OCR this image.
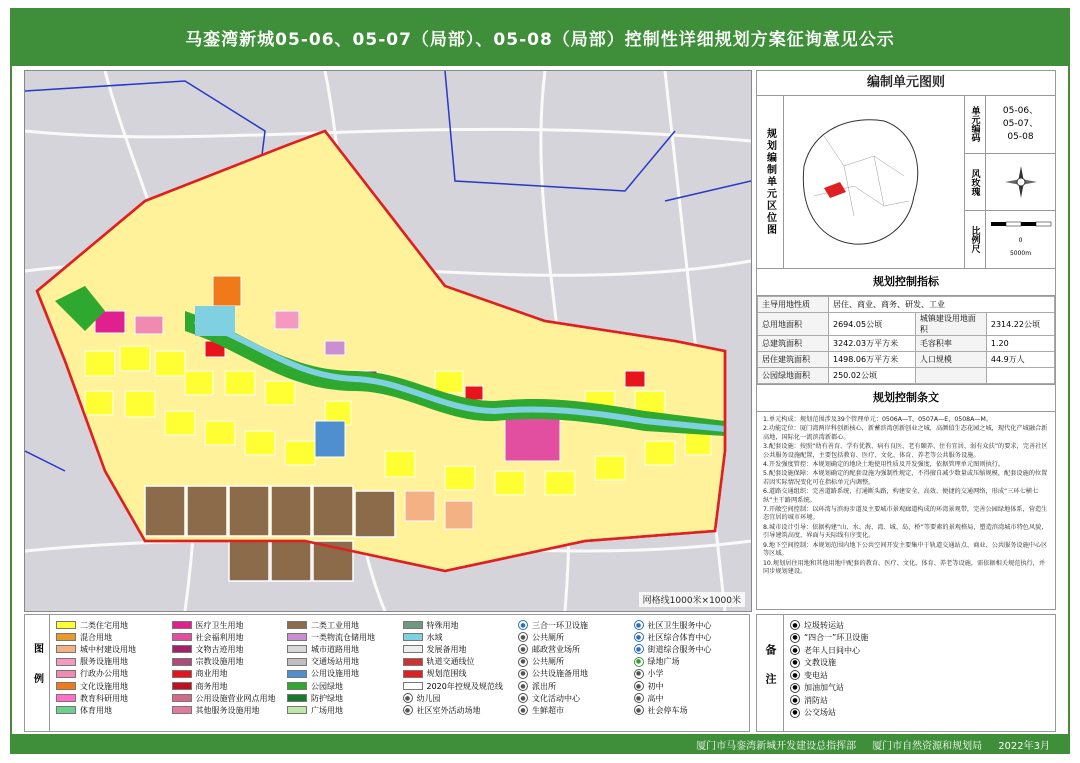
马銮湾新城05-06、05-07（局部）、05-08（局部）控制性详细规划方案征询意见公示
网格线1000米×1000米
编制单元图则
规划编制单元区位图
单元编码	05-06、
05-07、
05-08
风玫瑰
比例尺	0
5000m
规划控制指标
主导用地性质	居住、商业、商务、研发、工业		
总用地面积	2694.05公顷	城镇建设用地面积	2314.22公顷
总建筑面积	3242.03万平方米	毛容积率	1.20
居住建筑面积	1498.06万平方米	人口规模	44.9万人
公园绿地面积	250.02公顷		
规划控制条文

1.单元构成：规划范围涉及39个管理单元：0506A—T、0507A—E、0508A—M。

2.功能定位：厦门湾两岸科创新核心，新蓄滨湾创新创业之城，高颜值生态花园之城，现代化产城融合新高地，国际化一流滨湾新都心。

3.配套设施：按照“幼有善育、学有优教、病有良医、老有颐养、住有宜居、弱有众扶”的要求，完善社区公共服务设施配置，主要包括教育、医疗、文化、体育、养老等公共服务设施。

4.开发强度管控：本规划确定的地块土地使用性质及开发强度，依据管理单元图则执行。

5.配套设施保障：本规划确定的配套设施为强制性规定，不得擅自减少数量或压缩规模，配套设施的位置若因实际情况变化可在指标单元内调整。

6.道路交通组织：完善道路系统，打通断头路，构建安全、高效、便捷的交通网络，形成“三环七横七纵”主干路网系统。

7.开敞空间控制：以环湾与滨海步道及主要城市景观廊道构成的环湾景观带，完善公园绿地体系，营造生态宜居的城市环境。

8.城市设计引导：依据构建“山、水、海、湾、城、岛、桥”等要素的景观格局，塑造滨湾城市特色风貌，引导建筑高度、界面与天际线有序变化。

9.地下空间控制：本规划范围内地下公共空间开发主要集中于轨道交通站点、商业、公共服务设施中心区等区域。

10.规划居住用地和其他用地中配套的教育、医疗、文化、体育、养老等设施，需依据相关规范执行，并同步规划建设。

图例
二类住宅用地	医疗卫生用地	二类工业用地	特殊用地	● 三合一环卫设施	● 社区卫生服务中心
混合用地	社会福利用地	一类物流仓储用地	水域	● 公共厕所	● 社区综合体育中心
城中村建设用地	文物古迹用地	城市道路用地	发展备用地	● 邮政营业场所	● 街道综合服务中心
服务设施用地	宗教设施用地	交通场站用地	轨道交通线位	● 公共厕所	● 绿地广场
行政办公用地	商业用地	公用设施用地	规划范围线	● 公共设施备用地	● 小学
文化设施用地	商务用地	公园绿地	2020年控规及规范线	● 派出所	● 初中
教育科研用地	公用设施营业网点用地	防护绿地	● 幼儿园	● 文化活动中心	● 高中
体育用地	其他服务设施用地	广场用地	● 社区室外活动场地	● 生鲜超市	● 社会停车场
备注
● 垃圾转运站
● “四合一”环卫设施
● 老年人日间中心
● 文教设施
● 变电站
● 加油加气站
● 消防站
● 公交场站
厦门市马銮湾新城开发建设总指挥部 厦门市自然资源和规划局 2022年3月
